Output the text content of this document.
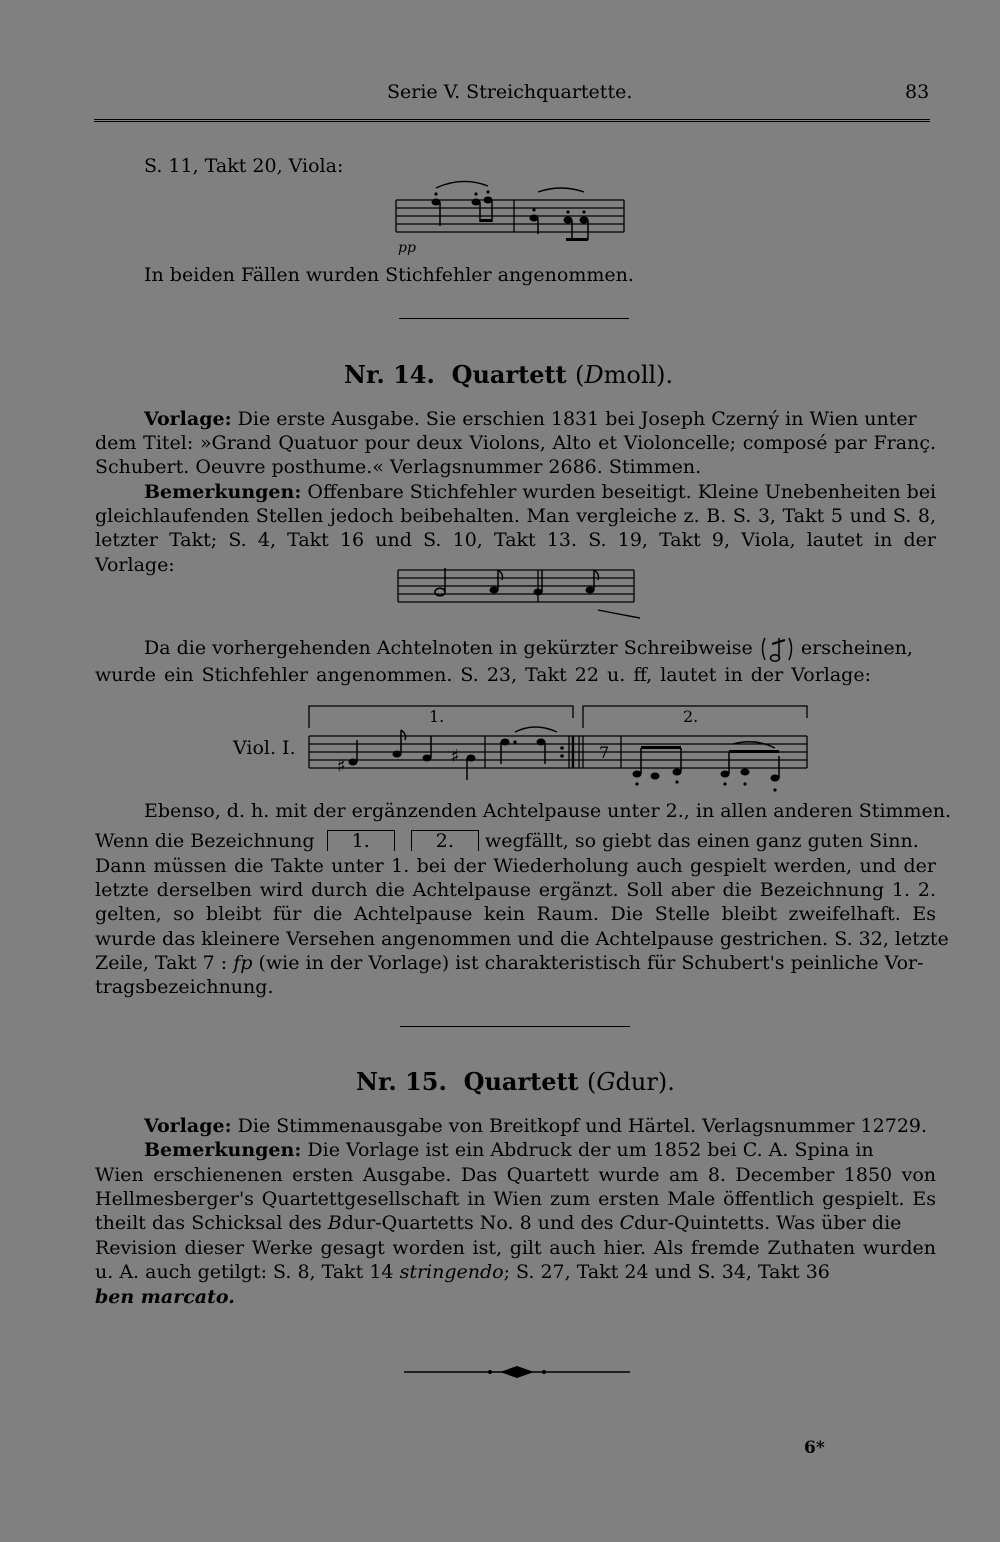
Serie V. Streichquartette.	83
S. 11, Takt 20, Viola:
pp
In beiden Fällen wurden Stichfehler angenommen.
Nr. 14. Quartett (Dmoll).
Vorlage: Die erste Ausgabe. Sie erschien 1831 bei Joseph Czerný in Wien unter
dem Titel: »Grand Quatuor pour deux Violons, Alto et Violoncelle; composé par Franç.
Schubert. Oeuvre posthume.« Verlagsnummer 2686. Stimmen.
Bemerkungen: Offenbare Stichfehler wurden beseitigt. Kleine Unebenheiten bei
gleichlaufenden Stellen jedoch beibehalten. Man vergleiche z. B. S. 3, Takt 5 und S. 8,
letzter Takt; S. 4, Takt 16 und S. 10, Takt 13. S. 19, Takt 9, Viola, lautet in der
Vorlage:
Da die vorhergehenden Achtelnoten in gekürzter Schreibweise	erscheinen,
wurde ein Stichfehler angenommen. S. 23, Takt 22 u. ff, lautet in der Vorlage:
Viol. I.
1.	2.
♯	♯	7
Ebenso, d. h. mit der ergänzenden Achtelpause unter 2., in allen anderen Stimmen.
Wenn die Bezeichnung 1.	2. wegfällt, so giebt das einen ganz guten Sinn.
Dann müssen die Takte unter 1. bei der Wiederholung auch gespielt werden, und der
letzte derselben wird durch die Achtelpause ergänzt. Soll aber die Bezeichnung 1. 2.
gelten, so bleibt für die Achtelpause kein Raum. Die Stelle bleibt zweifelhaft. Es
wurde das kleinere Versehen angenommen und die Achtelpause gestrichen. S. 32, letzte
Zeile, Takt 7 : fp (wie in der Vorlage) ist charakteristisch für Schubert's peinliche Vor-
tragsbezeichnung.
Nr. 15. Quartett (Gdur).
Vorlage: Die Stimmenausgabe von Breitkopf und Härtel. Verlagsnummer 12729.
Bemerkungen: Die Vorlage ist ein Abdruck der um 1852 bei C. A. Spina in
Wien erschienenen ersten Ausgabe. Das Quartett wurde am 8. December 1850 von
Hellmesberger's Quartettgesellschaft in Wien zum ersten Male öffentlich gespielt. Es
theilt das Schicksal des Bdur-Quartetts No. 8 und des Cdur-Quintetts. Was über die
Revision dieser Werke gesagt worden ist, gilt auch hier. Als fremde Zuthaten wurden
u. A. auch getilgt: S. 8, Takt 14 stringendo; S. 27, Takt 24 und S. 34, Takt 36
ben marcato.
6*
